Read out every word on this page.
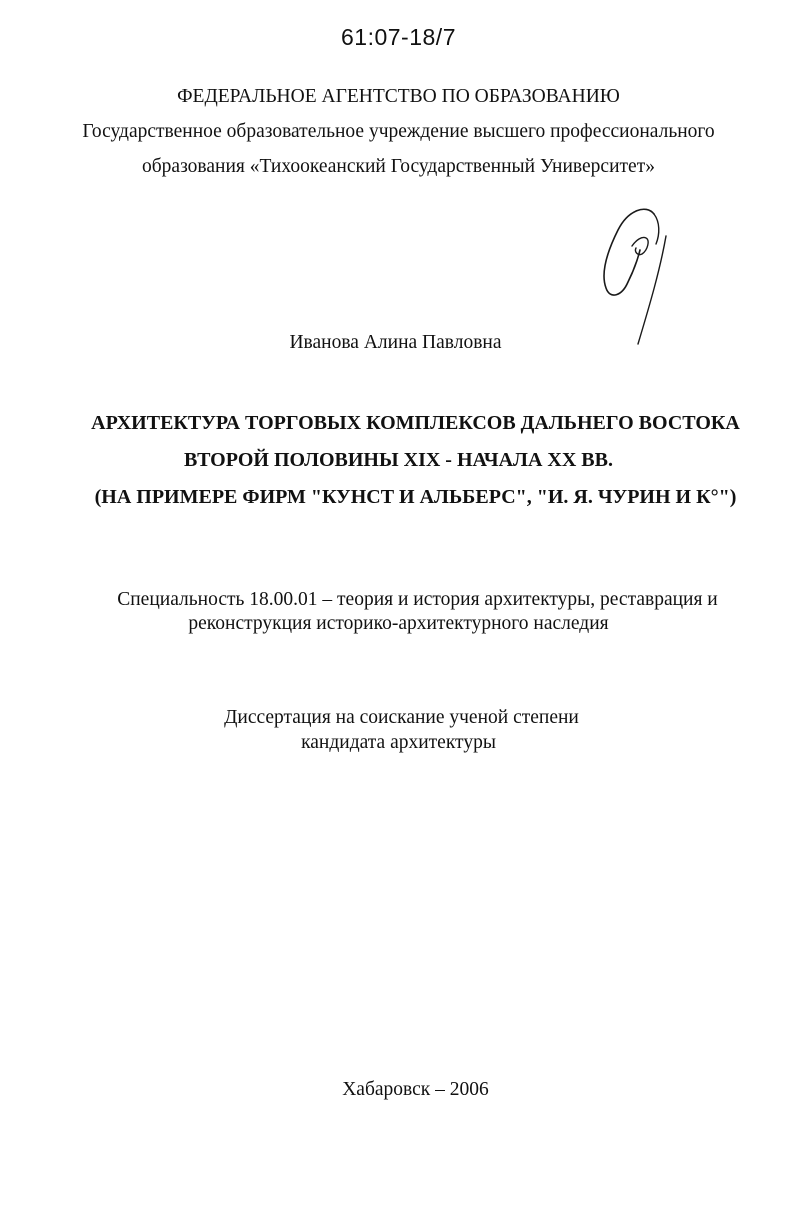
61:07-18/7
ФЕДЕРАЛЬНОЕ АГЕНТСТВО ПО ОБРАЗОВАНИЮ
Государственное образовательное учреждение высшего профессионального
образования «Тихоокеанский Государственный Университет»
Иванова Алина Павловна
АРХИТЕКТУРА ТОРГОВЫХ КОМПЛЕКСОВ ДАЛЬНЕГО ВОСТОКА
ВТОРОЙ ПОЛОВИНЫ XIX - НАЧАЛА XX ВВ.
(НА ПРИМЕРЕ ФИРМ "КУНСТ И АЛЬБЕРС", "И. Я. ЧУРИН И К°")
Специальность 18.00.01 – теория и история архитектуры, реставрация и
реконструкция историко-архитектурного наследия
Диссертация на соискание ученой степени
кандидата архитектуры
Хабаровск – 2006
